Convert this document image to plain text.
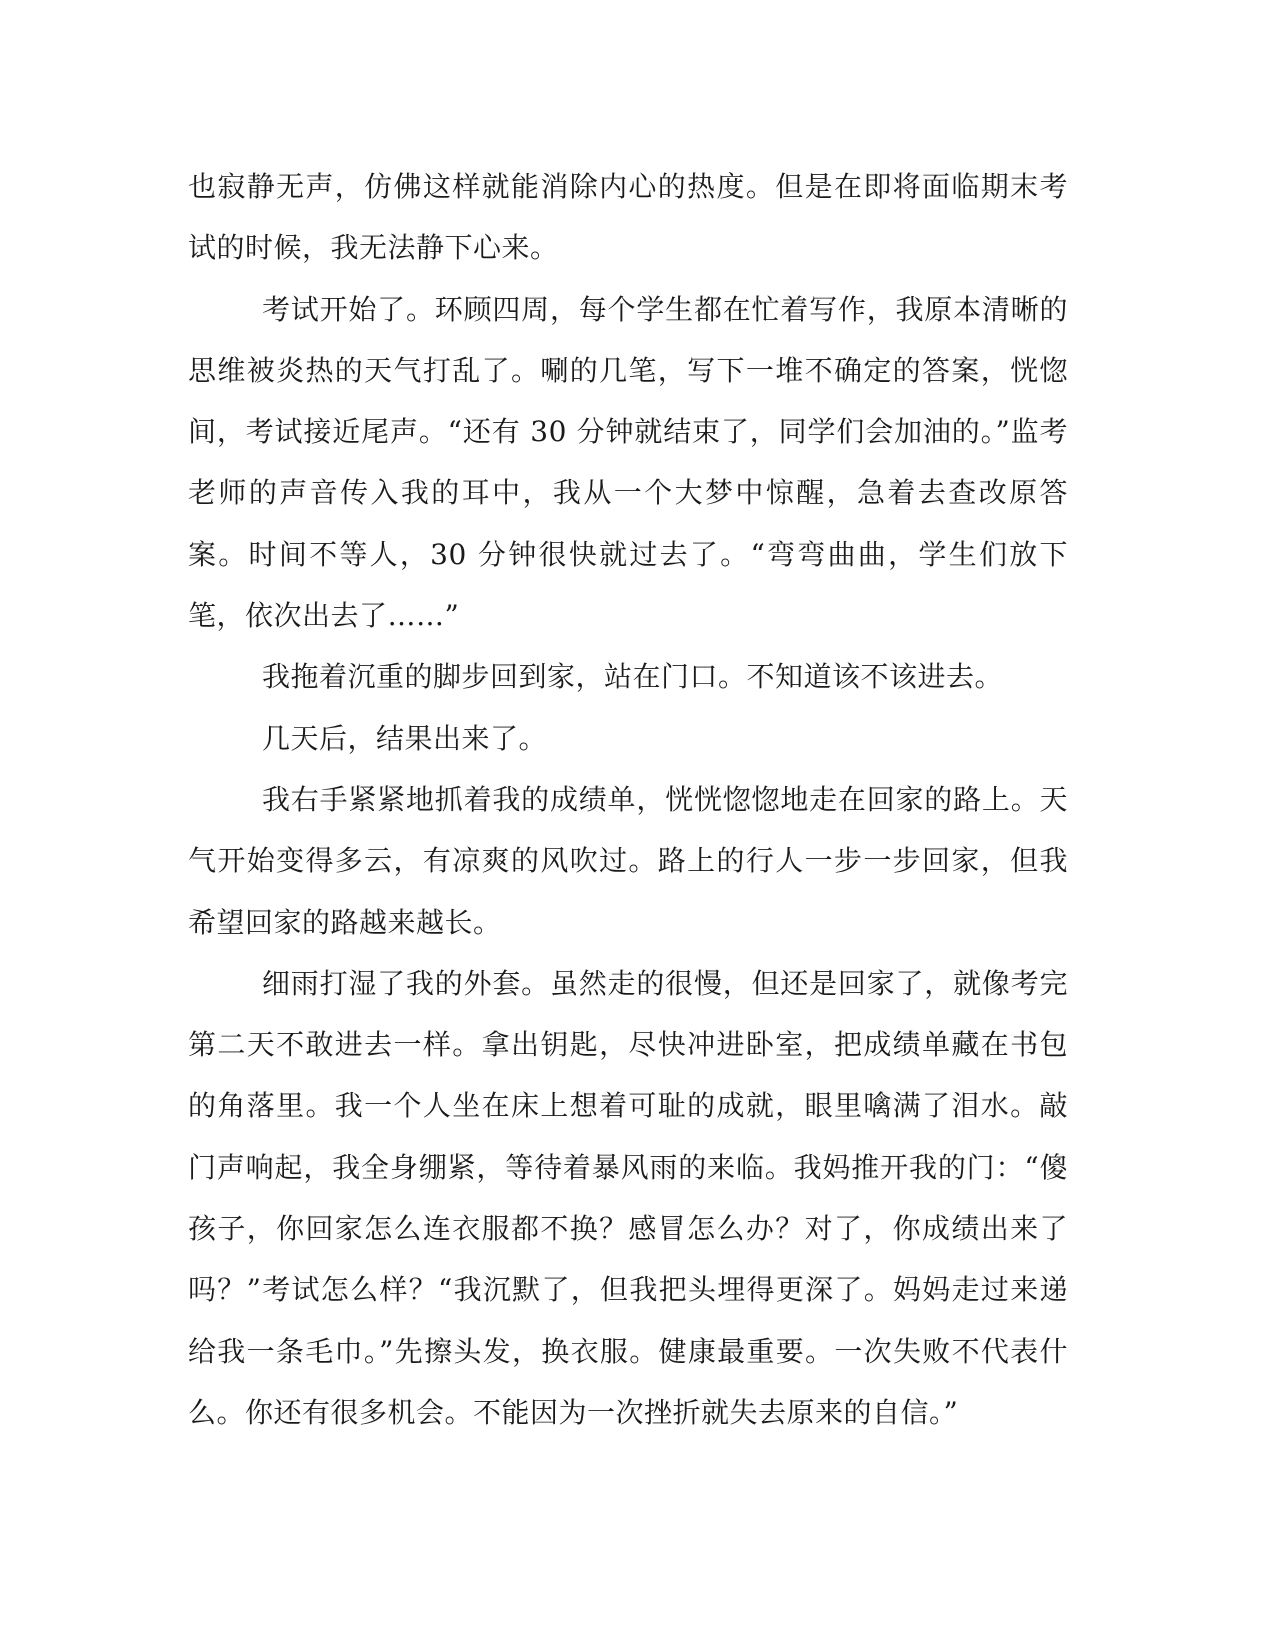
也寂静无声，仿佛这样就能消除内心的热度。但是在即将面临期末考试的时候，我无法静下心来。

考试开始了。环顾四周，每个学生都在忙着写作，我原本清晰的思维被炎热的天气打乱了。唰的几笔，写下一堆不确定的答案，恍惚间，考试接近尾声。“还有 30 分钟就结束了，同学们会加油的。”监考老师的声音传入我的耳中，我从一个大梦中惊醒，急着去查改原答案。时间不等人，30 分钟很快就过去了。“弯弯曲曲，学生们放下笔，依次出去了……”

我拖着沉重的脚步回到家，站在门口。不知道该不该进去。

几天后，结果出来了。

我右手紧紧地抓着我的成绩单，恍恍惚惚地走在回家的路上。天气开始变得多云，有凉爽的风吹过。路上的行人一步一步回家，但我希望回家的路越来越长。

细雨打湿了我的外套。虽然走的很慢，但还是回家了，就像考完第二天不敢进去一样。拿出钥匙，尽快冲进卧室，把成绩单藏在书包的角落里。我一个人坐在床上想着可耻的成就，眼里噙满了泪水。敲门声响起，我全身绷紧，等待着暴风雨的来临。我妈推开我的门：“傻孩子，你回家怎么连衣服都不换？感冒怎么办？对了，你成绩出来了吗？”考试怎么样？“我沉默了，但我把头埋得更深了。妈妈走过来递给我一条毛巾。”先擦头发，换衣服。健康最重要。一次失败不代表什么。你还有很多机会。不能因为一次挫折就失去原来的自信。”
